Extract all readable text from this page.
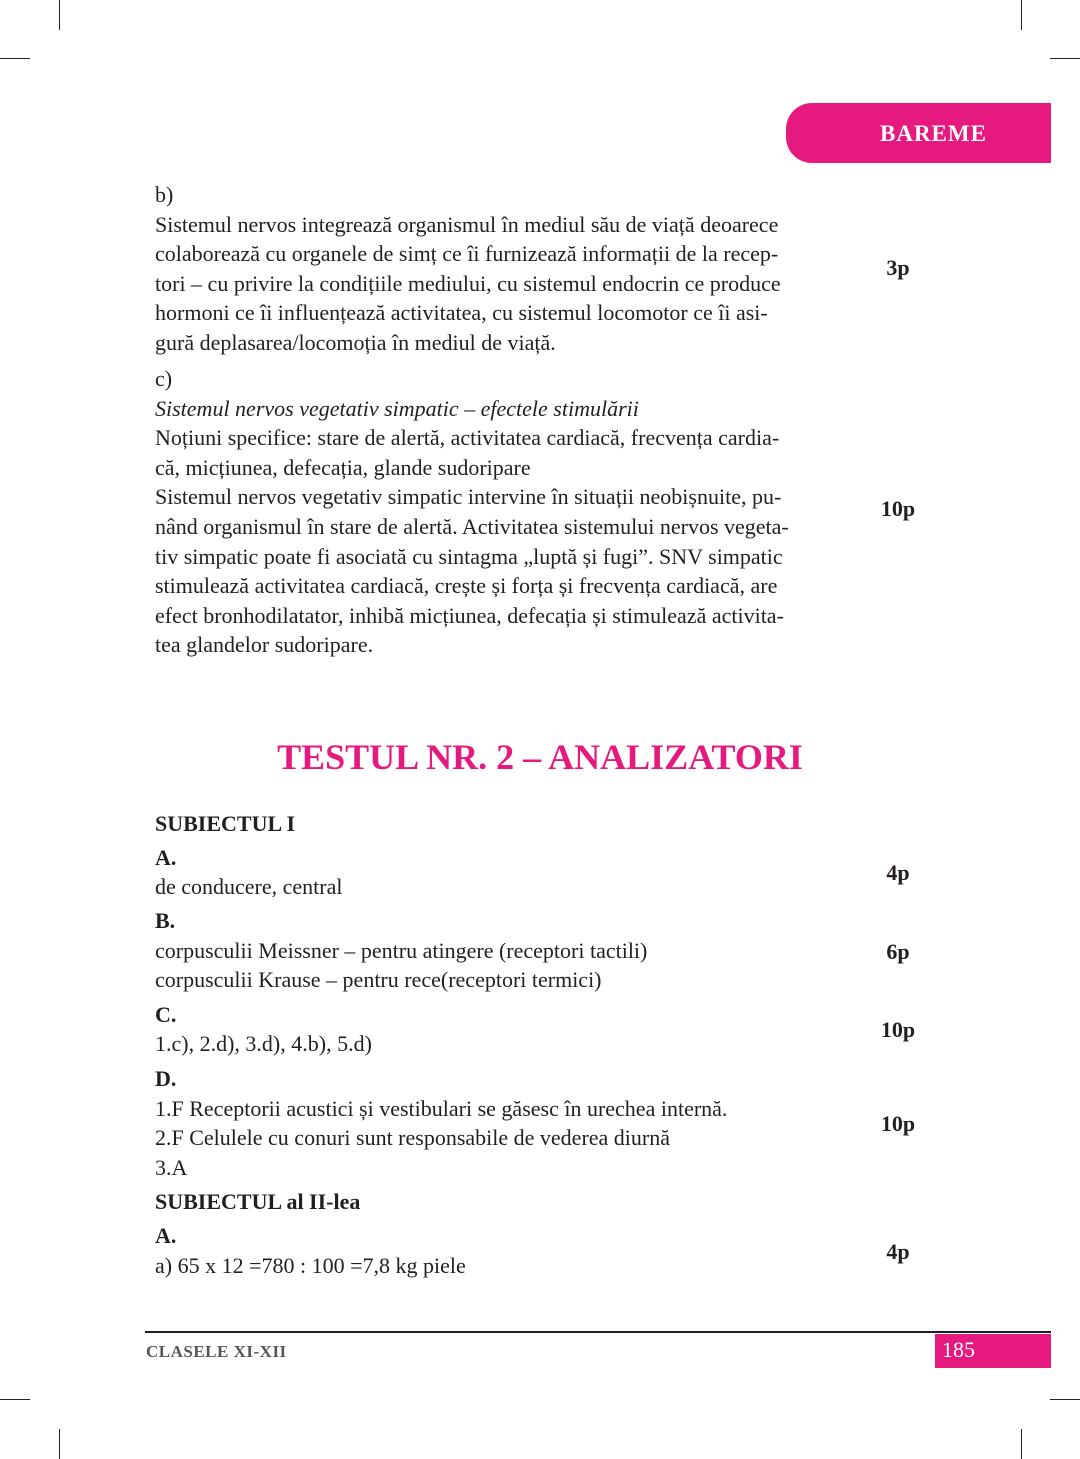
BAREME

b)

Sistemul nervos integrează organismul în mediul său de viață deoarece

colaborează cu organele de simț ce îi furnizează informații de la recep-

tori – cu privire la condițiile mediului, cu sistemul endocrin ce produce

hormoni ce îi influențează activitatea, cu sistemul locomotor ce îi asi-

gură deplasarea/locomoția în mediul de viață.

3p

c)

Sistemul nervos vegetativ simpatic – efectele stimulării

Noțiuni specifice: stare de alertă, activitatea cardiacă, frecvența cardia-

că, micțiunea, defecația, glande sudoripare

Sistemul nervos vegetativ simpatic intervine în situații neobișnuite, pu-

nând organismul în stare de alertă. Activitatea sistemului nervos vegeta-

tiv simpatic poate fi asociată cu sintagma „luptă și fugi”. SNV simpatic

stimulează activitatea cardiacă, crește și forța și frecvența cardiacă, are

efect bronhodilatator, inhibă micțiunea, defecația și stimulează activita-

tea glandelor sudoripare.

10p
TESTUL NR. 2 – ANALIZATORI
SUBIECTUL I
A.
de conducere, central
4p
B.
corpusculii Meissner – pentru atingere (receptori tactili)
corpusculii Krause – pentru rece(receptori termici)
6p
C.
1.c), 2.d), 3.d), 4.b), 5.d)
10p
D.
1.F Receptorii acustici și vestibulari se găsesc în urechea internă.
2.F Celulele cu conuri sunt responsabile de vederea diurnă
3.A
10p
SUBIECTUL al II-lea
A.
a) 65 x 12 =780 : 100 =7,8 kg piele
4p
CLASELE XI-XII	185
